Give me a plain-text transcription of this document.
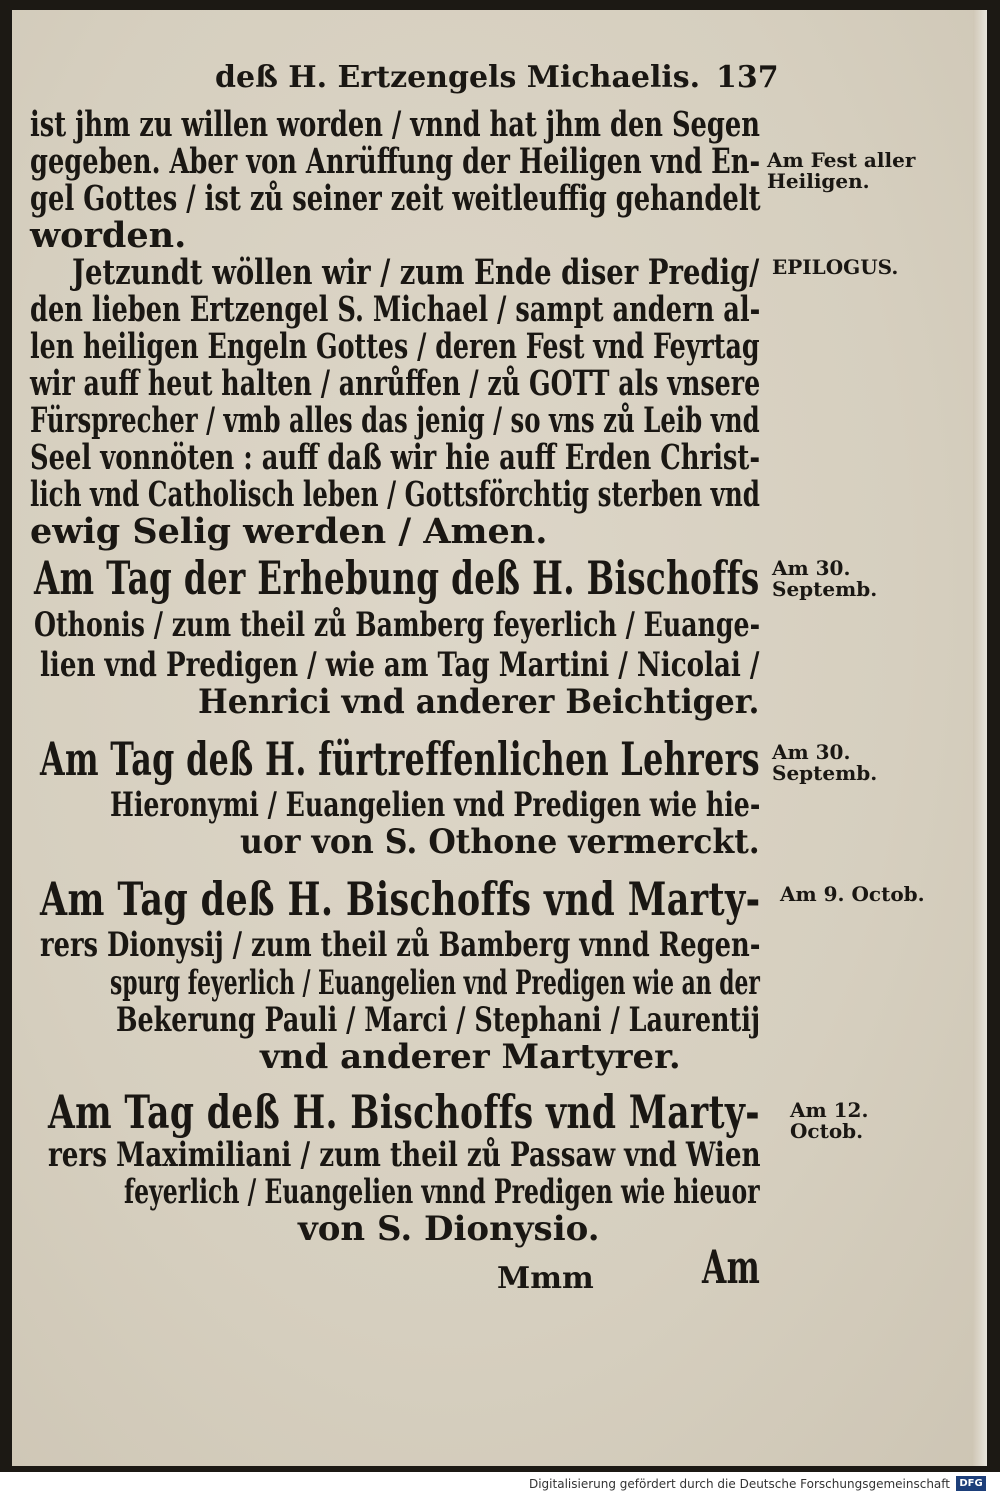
deß H. Ertzengels Michaelis. 137
ist jhm zu willen worden / vnnd hat jhm den Segen
gegeben. Aber von Anrüffung der Heiligen vnd En-
gel Gottes / ist zů seiner zeit weitleuffig gehandelt
worden.
Jetzundt wöllen wir / zum Ende diser Predig/
den lieben Ertzengel S. Michael / sampt andern al-
len heiligen Engeln Gottes / deren Fest vnd Feyrtag
wir auff heut halten / anrůffen / zů GOTT als vnsere
Fürsprecher / vmb alles das jenig / so vns zů Leib vnd
Seel vonnöten : auff daß wir hie auff Erden Christ-
lich vnd Catholisch leben / Gottsförchtig sterben vnd
ewig Selig werden / Amen.
Am Fest aller Heiligen.
EPILOGUS.
Am 30. Septemb.
Am 30. Septemb.
Am 9. Octob.
Am 12. Octob.
Am Tag der Erhebung deß H. Bischoffs
Othonis / zum theil zů Bamberg feyerlich / Euange-
lien vnd Predigen / wie am Tag Martini / Nicolai /
Henrici vnd anderer Beichtiger.
Am Tag deß H. fürtreffenlichen Lehrers
Hieronymi / Euangelien vnd Predigen wie hie-
uor von S. Othone vermerckt.
Am Tag deß H. Bischoffs vnd Marty-
rers Dionysij / zum theil zů Bamberg vnnd Regen-
spurg feyerlich / Euangelien vnd Predigen wie an der
Bekerung Pauli / Marci / Stephani / Laurentij
vnd anderer Martyrer.
Am Tag deß H. Bischoffs vnd Marty-
rers Maximiliani / zum theil zů Passaw vnd Wien
feyerlich / Euangelien vnnd Predigen wie hieuor
von S. Dionysio.
Mmm Am
Digitalisierung gefördert durch die Deutsche Forschungsgemeinschaft DFG
